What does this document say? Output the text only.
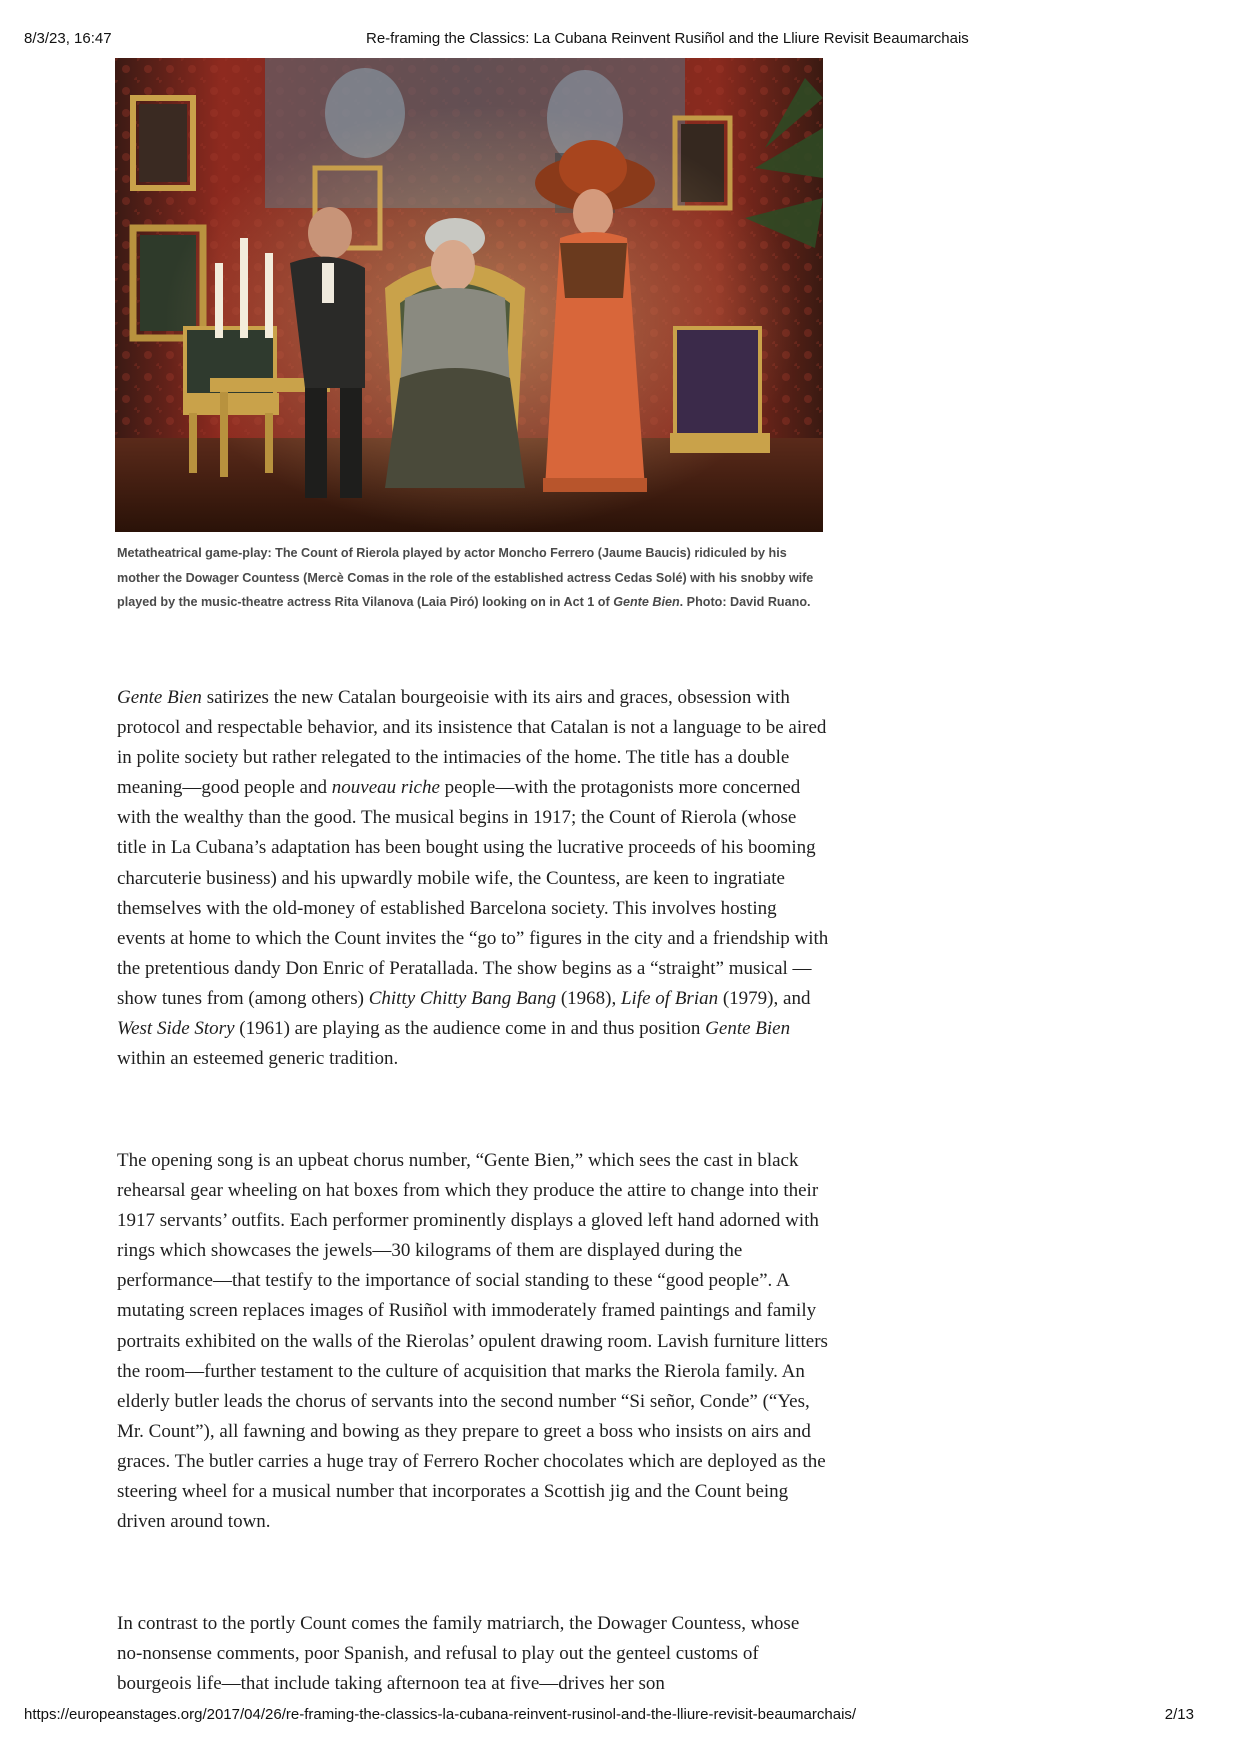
8/3/23, 16:47	Re-framing the Classics: La Cubana Reinvent Rusiñol and the Lliure Revisit Beaumarchais
Metatheatrical game-play: The Count of Rierola played by actor Moncho Ferrero (Jaume Baucis) ridiculed by his mother the Dowager Countess (Mercè Comas in the role of the established actress Cedas Solé) with his snobby wife played by the music-theatre actress Rita Vilanova (Laia Piró) looking on in Act 1 of Gente Bien. Photo: David Ruano.

Gente Bien satirizes the new Catalan bourgeoisie with its airs and graces, obsession with protocol and respectable behavior, and its insistence that Catalan is not a language to be aired in polite society but rather relegated to the intimacies of the home. The title has a double meaning—good people and nouveau riche people—with the protagonists more concerned with the wealthy than the good. The musical begins in 1917; the Count of Rierola (whose title in La Cubana’s adaptation has been bought using the lucrative proceeds of his booming charcuterie business) and his upwardly mobile wife, the Countess, are keen to ingratiate themselves with the old-money of established Barcelona society. This involves hosting events at home to which the Count invites the “go to” figures in the city and a friendship with the pretentious dandy Don Enric of Peratallada. The show begins as a “straight” musical —show tunes from (among others) Chitty Chitty Bang Bang (1968), Life of Brian (1979), and West Side Story (1961) are playing as the audience come in and thus position Gente Bien within an esteemed generic tradition.

The opening song is an upbeat chorus number, “Gente Bien,” which sees the cast in black rehearsal gear wheeling on hat boxes from which they produce the attire to change into their 1917 servants’ outfits. Each performer prominently displays a gloved left hand adorned with rings which showcases the jewels—30 kilograms of them are displayed during the performance—that testify to the importance of social standing to these “good people”. A mutating screen replaces images of Rusiñol with immoderately framed paintings and family portraits exhibited on the walls of the Rierolas’ opulent drawing room. Lavish furniture litters the room—further testament to the culture of acquisition that marks the Rierola family. An elderly butler leads the chorus of servants into the second number “Si señor, Conde” (“Yes, Mr. Count”), all fawning and bowing as they prepare to greet a boss who insists on airs and graces. The butler carries a huge tray of Ferrero Rocher chocolates which are deployed as the steering wheel for a musical number that incorporates a Scottish jig and the Count being driven around town.

In contrast to the portly Count comes the family matriarch, the Dowager Countess, whose no-nonsense comments, poor Spanish, and refusal to play out the genteel customs of bourgeois life—that include taking afternoon tea at five—drives her son

https://europeanstages.org/2017/04/26/re-framing-the-classics-la-cubana-reinvent-rusinol-and-the-lliure-revisit-beaumarchais/	2/13
